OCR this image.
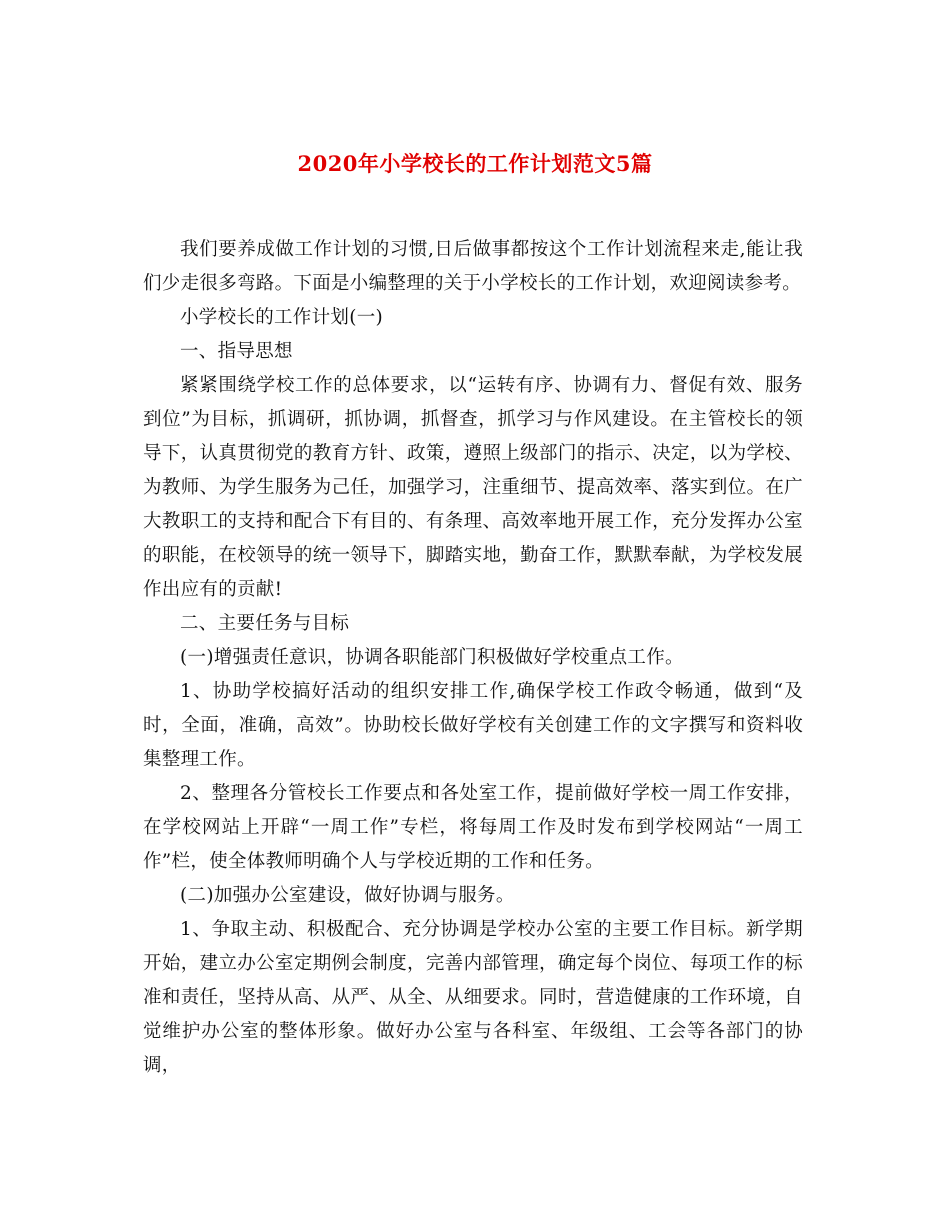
2020年小学校长的工作计划范文5篇

我们要养成做工作计划的习惯,日后做事都按这个工作计划流程来走,能让我们少走很多弯路。下面是小编整理的关于小学校长的工作计划，欢迎阅读参考。

小学校长的工作计划(一)

一、指导思想

紧紧围绕学校工作的总体要求，以“运转有序、协调有力、督促有效、服务到位”为目标，抓调研，抓协调，抓督查，抓学习与作风建设。在主管校长的领导下，认真贯彻党的教育方针、政策，遵照上级部门的指示、决定，以为学校、为教师、为学生服务为己任，加强学习，注重细节、提高效率、落实到位。在广大教职工的支持和配合下有目的、有条理、高效率地开展工作，充分发挥办公室的职能，在校领导的统一领导下，脚踏实地，勤奋工作，默默奉献，为学校发展作出应有的贡献!

二、主要任务与目标

(一)增强责任意识，协调各职能部门积极做好学校重点工作。

1、协助学校搞好活动的组织安排工作,确保学校工作政令畅通，做到“及时，全面，准确，高效”。协助校长做好学校有关创建工作的文字撰写和资料收集整理工作。

2、整理各分管校长工作要点和各处室工作，提前做好学校一周工作安排，在学校网站上开辟“一周工作”专栏，将每周工作及时发布到学校网站“一周工作”栏，使全体教师明确个人与学校近期的工作和任务。

(二)加强办公室建设，做好协调与服务。

1、争取主动、积极配合、充分协调是学校办公室的主要工作目标。新学期开始，建立办公室定期例会制度，完善内部管理，确定每个岗位、每项工作的标准和责任，坚持从高、从严、从全、从细要求。同时，营造健康的工作环境，自觉维护办公室的整体形象。做好办公室与各科室、年级组、工会等各部门的协调，
